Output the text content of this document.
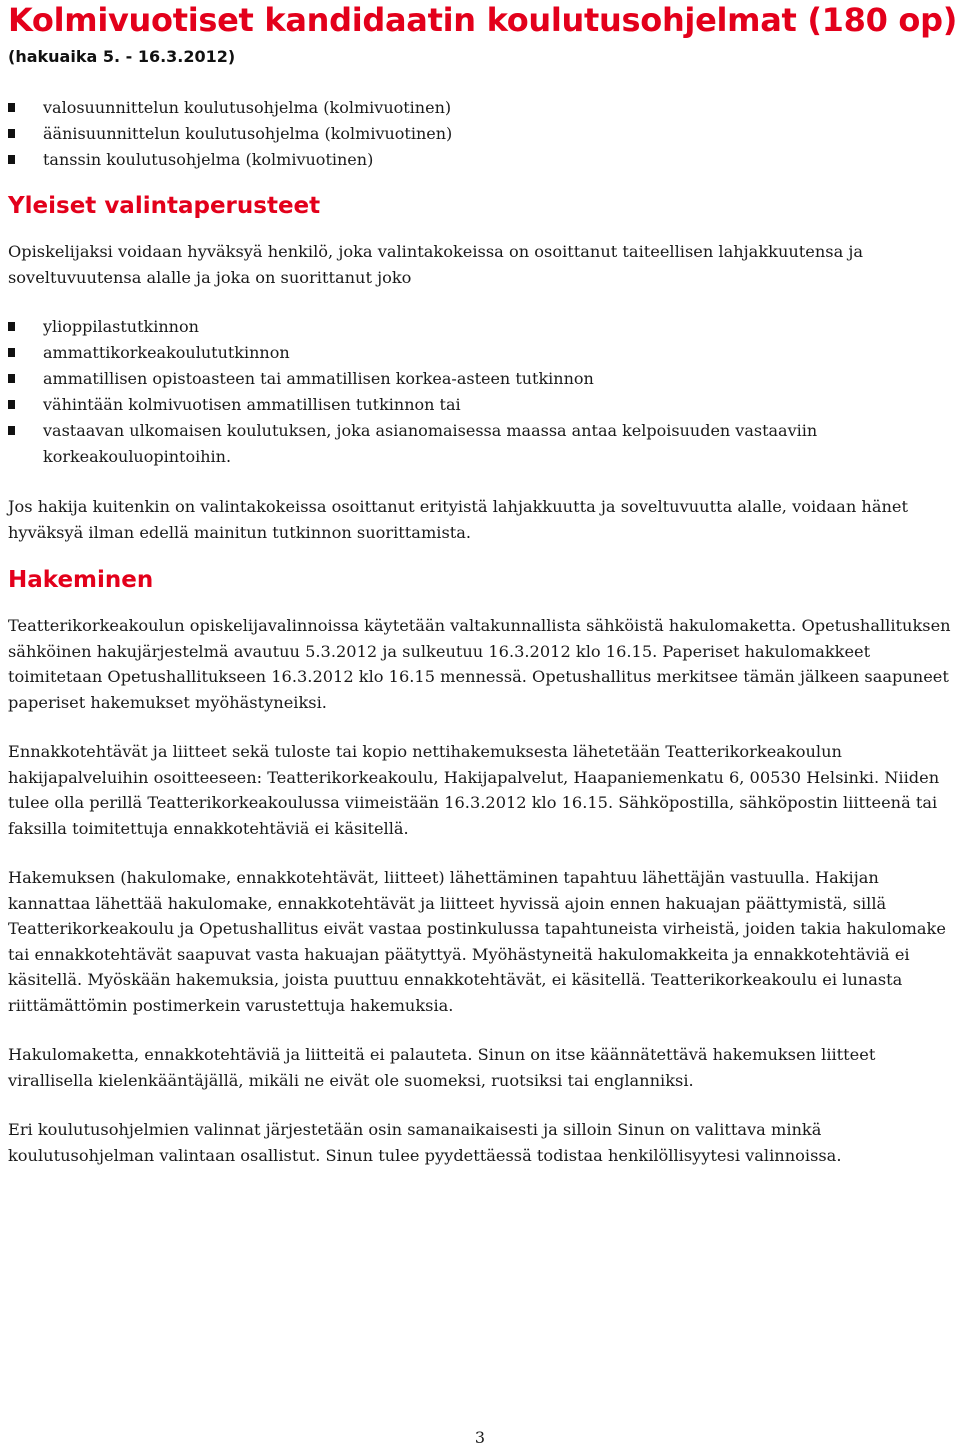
Kolmivuotiset kandidaatin koulutusohjelmat (180 op)
(hakuaika 5. - 16.3.2012)
valosuunnittelun koulutusohjelma (kolmivuotinen)
äänisuunnittelun koulutusohjelma (kolmivuotinen)
tanssin koulutusohjelma (kolmivuotinen)
Yleiset valintaperusteet

Opiskelijaksi voidaan hyväksyä henkilö, joka valintakokeissa on osoittanut taiteellisen lahjakkuutensa ja soveltuvuutensa alalle ja joka on suorittanut joko

ylioppilastutkinnon
ammattikorkeakoulututkinnon
ammatillisen opistoasteen tai ammatillisen korkea-asteen tutkinnon
vähintään kolmivuotisen ammatillisen tutkinnon tai
vastaavan ulkomaisen koulutuksen, joka asianomaisessa maassa antaa kelpoisuuden vastaaviin korkeakouluopintoihin.

Jos hakija kuitenkin on valintakokeissa osoittanut erityistä lahjakkuutta ja soveltuvuutta alalle, voidaan hänet hyväksyä ilman edellä mainitun tutkinnon suorittamista.

Hakeminen

Teatterikorkeakoulun opiskelijavalinnoissa käytetään valtakunnallista sähköistä hakulomaketta. Opetushallituksen sähköinen hakujärjestelmä avautuu 5.3.2012 ja sulkeutuu 16.3.2012 klo 16.15. Paperiset hakulomakkeet toimitetaan Opetushallitukseen 16.3.2012 klo 16.15 mennessä. Opetushallitus merkitsee tämän jälkeen saapuneet paperiset hakemukset myöhästyneiksi.

Ennakkotehtävät ja liitteet sekä tuloste tai kopio nettihakemuksesta lähetetään Teatterikorkeakoulun hakijapalveluihin osoitteeseen: Teatterikorkeakoulu, Hakijapalvelut, Haapaniemenkatu 6, 00530 Helsinki. Niiden tulee olla perillä Teatterikorkeakoulussa viimeistään 16.3.2012 klo 16.15. Sähköpostilla, sähköpostin liitteenä tai faksilla toimitettuja ennakkotehtäviä ei käsitellä.

Hakemuksen (hakulomake, ennakkotehtävät, liitteet) lähettäminen tapahtuu lähettäjän vastuulla. Hakijan kannattaa lähettää hakulomake, ennakkotehtävät ja liitteet hyvissä ajoin ennen hakuajan päättymistä, sillä Teatterikorkeakoulu ja Opetushallitus eivät vastaa postinkulussa tapahtuneista virheistä, joiden takia hakulomake tai ennakkotehtävät saapuvat vasta hakuajan päätyttyä. Myöhästyneitä hakulomakkeita ja ennakkotehtäviä ei käsitellä. Myöskään hakemuksia, joista puuttuu ennakkotehtävät, ei käsitellä. Teatterikorkeakoulu ei lunasta riittämättömin postimerkein varustettuja hakemuksia.

Hakulomaketta, ennakkotehtäviä ja liitteitä ei palauteta. Sinun on itse käännätettävä hakemuksen liitteet virallisella kielenkääntäjällä, mikäli ne eivät ole suomeksi, ruotsiksi tai englanniksi.

Eri koulutusohjelmien valinnat järjestetään osin samanaikaisesti ja silloin Sinun on valittava minkä koulutusohjelman valintaan osallistut. Sinun tulee pyydettäessä todistaa henkilöllisyytesi valinnoissa.

3
